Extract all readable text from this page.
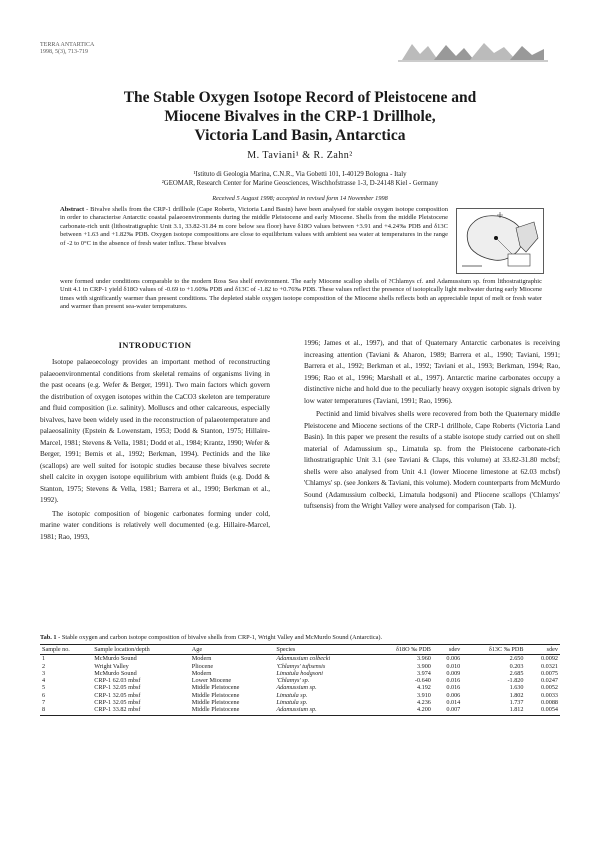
TERRA ANTARTICA
1998, 5(3), 713-719
The Stable Oxygen Isotope Record of Pleistocene and
Miocene Bivalves in the CRP-1 Drillhole,
Victoria Land Basin, Antarctica
M. Taviani¹ & R. Zahn²
¹Istituto di Geologia Marina, C.N.R., Via Gobetti 101, I-40129 Bologna - Italy
²GEOMAR, Research Center for Marine Geosciences, Wischhofstrasse 1-3, D-24148 Kiel - Germany
Received 5 August 1998; accepted in revised form 14 November 1998
Abstract - Bivalve shells from the CRP-1 drillhole (Cape Roberts, Victoria Land Basin) have been analysed for stable oxygen isotope composition in order to characterise Antarctic coastal palaeoenvironments during the middle Pleistocene and early Miocene. Shells from the middle Pleistocene carbonate-rich unit (lithostratigraphic Unit 3.1, 33.82-31.84 m core below sea floor) have δ18O values between +3.91 and +4.24‰ PDB and δ13C between +1.63 and +1.82‰ PDB. Oxygen isotope compositions are close to equilibrium values with ambient sea water at temperatures in the range of -2 to 0°C in the absence of fresh water influx. These bivalves
were formed under conditions comparable to the modern Ross Sea shelf environment. The early Miocene scallop shells of ?Chlamys cf. and Adamussium sp. from lithostratigraphic Unit 4.1 in CRP-1 yield δ18O values of -0.69 to +1.60‰ PDB and δ13C of -1.82 to +0.76‰ PDB. These values reflect the presence of isotopically light meltwater during early Miocene times with significantly warmer than present conditions. The depleted stable oxygen isotope composition of the Miocene shells reflects both an appreciable input of melt or fresh water and warmer than present sea-water temperatures.
INTRODUCTION

Isotope palaeoecology provides an important method of reconstructing palaeoenvironmental conditions from skeletal remains of organisms living in the past oceans (e.g. Wefer & Berger, 1991). Two main factors which govern the distribution of oxygen isotopes within the CaCO3 skeleton are temperature and fluid composition (i.e. salinity). Molluscs and other calcareous, especially bivalves, have been widely used in the reconstruction of palaeotemperature and palaeosalinity (Epstein & Lowenstam, 1953; Dodd & Stanton, 1975; Hillaire-Marcel, 1981; Stevens & Vella, 1981; Dodd et al., 1984; Krantz, 1990; Wefer & Berger, 1991; Bemis et al., 1992; Berkman, 1994). Pectinids and the like (scallops) are well suited for isotopic studies because these bivalves secrete shell calcite in oxygen isotope equilibrium with ambient fluids (e.g. Dodd & Stanton, 1975; Stevens & Vella, 1981; Barrera et al., 1990; Berkman et al., 1992).

The isotopic composition of biogenic carbonates forming under cold, marine water conditions is relatively well documented (e.g. Hillaire-Marcel, 1981; Rao, 1993,

1996; James et al., 1997), and that of Quaternary Antarctic carbonates is receiving increasing attention (Taviani & Aharon, 1989; Barrera et al., 1990; Taviani, 1991; Barrera et al., 1992; Berkman et al., 1992; Taviani et al., 1993; Berkman, 1994; Rao, 1996; Rao et al., 1996; Marshall et al., 1997). Antarctic marine carbonates occupy a distinctive niche and hold due to the peculiarly heavy oxygen isotopic signals driven by low water temperatures (Taviani, 1991; Rao, 1996).

Pectinid and limid bivalves shells were recovered from both the Quaternary middle Pleistocene and Miocene sections of the CRP-1 drillhole, Cape Roberts (Victoria Land Basin). In this paper we present the results of a stable isotope study carried out on shell material of Adamussium sp., Limatula sp. from the Pleistocene carbonate-rich lithostratigraphic Unit 3.1 (see Taviani & Claps, this volume) at 33.82-31.80 mcbsf; shells were also analysed from Unit 4.1 (lower Miocene limestone at 62.03 mcbsf) 'Chlamys' sp. (see Jonkers & Taviani, this volume). Modern counterparts from McMurdo Sound (Adamussium colbecki, Limatula hodgsoni) and Pliocene scallops ('Chlamys' tuftsensis) from the Wright Valley were analysed for comparison (Tab. 1).

Tab. 1 - Stable oxygen and carbon isotope composition of bivalve shells from CRP-1, Wright Valley and McMurdo Sound (Antarctica).
Sample no.	Sample location/depth	Age	Species	δ18O ‰ PDB	sdev	δ13C ‰ PDB	sdev
1	McMurdo Sound	Modern	Adamussium colbecki	3.960	0.006	2.650	0.0092
2	Wright Valley	Pliocene	'Chlamys' tuftsensis	3.900	0.010	0.203	0.0321
3	McMurdo Sound	Modern	Limatula hodgsoni	3.974	0.009	2.685	0.0075
4	CRP-1 62.03 mbsf	Lower Miocene	'Chlamys' sp.	-0.640	0.016	-1.820	0.0247
5	CRP-1 32.05 mbsf	Middle Pleistocene	Adamussium sp.	4.192	0.016	1.630	0.0052
6	CRP-1 32.05 mbsf	Middle Pleistocene	Limatula sp.	3.910	0.006	1.802	0.0033
7	CRP-1 32.05 mbsf	Middle Pleistocene	Limatula sp.	4.236	0.014	1.737	0.0088
8	CRP-1 33.82 mbsf	Middle Pleistocene	Adamussium sp.	4.200	0.007	1.812	0.0054
